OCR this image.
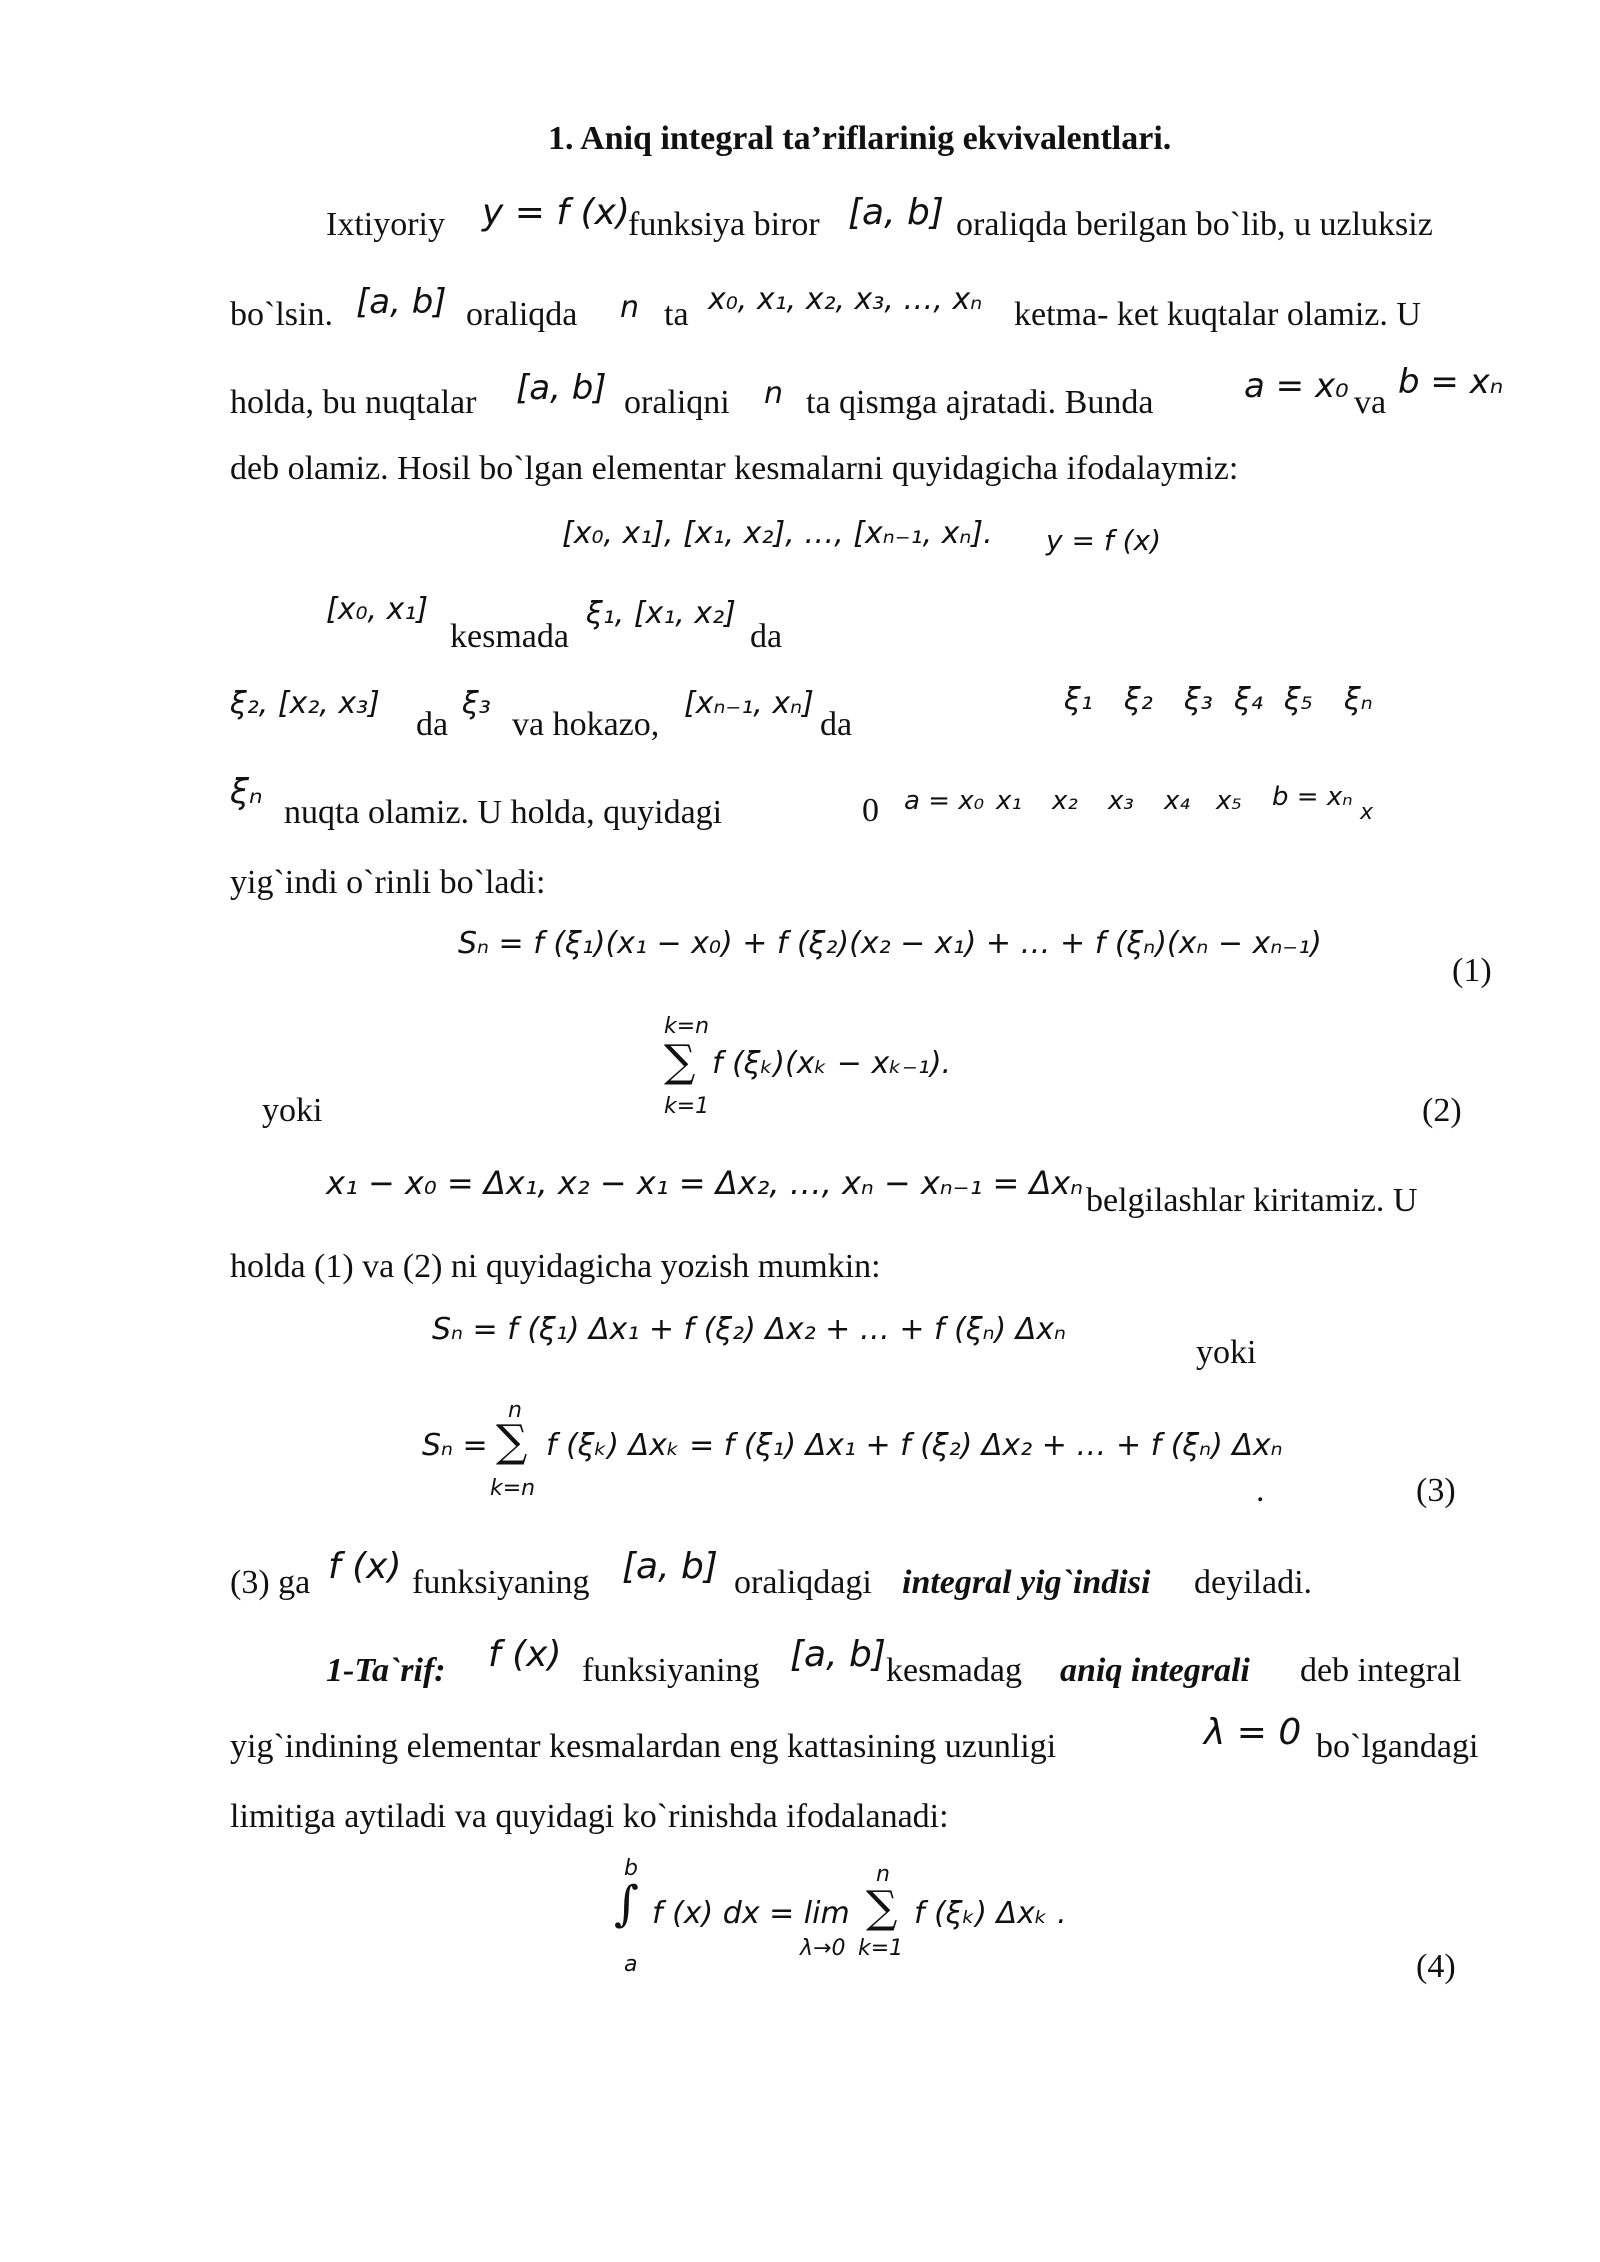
1. Aniq integral ta’riflarinig ekvivalentlari.
Ixtiyoriy y = f (x)
funksiya biror [a, b] oraliqda berilgan bo`lib, u uzluksiz
bo`lsin. [a, b] oraliqda n ta x₀, x₁, x₂, x₃, …, xₙ ketma- ket kuqtalar olamiz. U
holda, bu nuqtalar [a, b] oraliqni n ta qismga ajratadi. Bunda	a = x₀ va
b = xₙ
deb olamiz. Hosil bo`lgan elementar kesmalarni quyidagicha ifodalaymiz:
[x₀, x₁], [x₁, x₂], …, [xₙ₋₁, xₙ]. y = f (x)
[x₀, x₁]
kesmada
ξ₁, [x₁, x₂]
da
ξ₂, [x₂, x₃]
da
ξ₃
va hokazo,
[xₙ₋₁, xₙ]
da
ξ₁ ξ₂ ξ₃ ξ₄ ξ₅ ξₙ
ξₙ
nuqta olamiz. U holda, quyidagi	0 a = x₀ x₁ x₂ x₃ x₄ x₅ b = xₙ
x
yig`indi o`rinli bo`ladi:
Sₙ = f (ξ₁)(x₁ − x₀) + f (ξ₂)(x₂ − x₁) + … + f (ξₙ)(xₙ − xₙ₋₁)
(1)
k=n
∑ f (ξₖ)(xₖ − xₖ₋₁).
k=1
yoki	(2)
x₁ − x₀ = Δx₁, x₂ − x₁ = Δx₂, …, xₙ − xₙ₋₁ = Δxₙ belgilashlar kiritamiz. U
holda (1) va (2) ni quyidagicha yozish mumkin:
Sₙ = f (ξ₁) Δx₁ + f (ξ₂) Δx₂ + … + f (ξₙ) Δxₙ
yoki
Sₙ =
n
∑
k=n
f (ξₖ) Δxₖ = f (ξ₁) Δx₁ + f (ξ₂) Δx₂ + … + f (ξₙ) Δxₙ
.	(3)
(3) ga f (x) funksiyaning [a, b] oraliqdagi integral yig`indisi deyiladi.
1-Ta`rif: f (x) funksiyaning [a, b] kesmadag aniq integrali deb integral
yig`indining elementar kesmalardan eng kattasining uzunligi	λ = 0 bo`lgandagi
limitiga aytiladi va quyidagi ko`rinishda ifodalanadi:
b
∫
a
f (x) dx = lim
λ→0
n
∑
k=1
f (ξₖ) Δxₖ .
(4)
